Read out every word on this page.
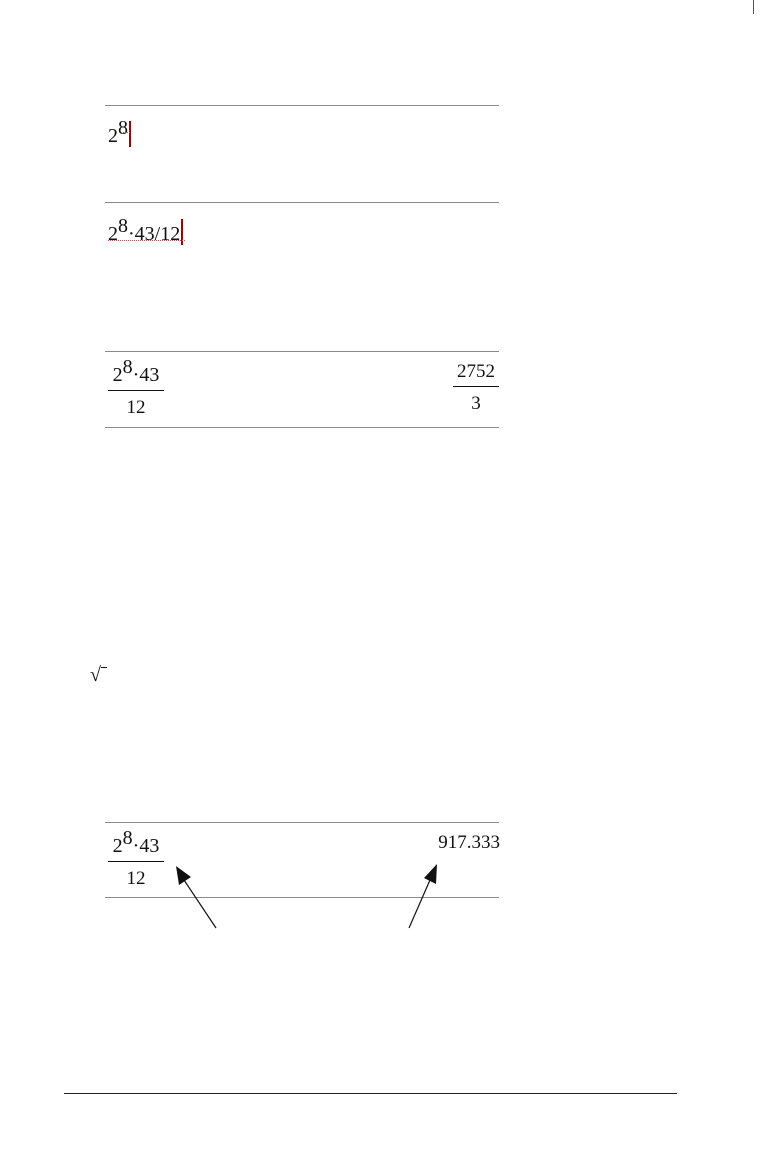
$2^8$
$2^8\cdot 43/12$
$2^8\cdot 43$
12
2752
3
√
$2^8\cdot 43$
12
917.333
